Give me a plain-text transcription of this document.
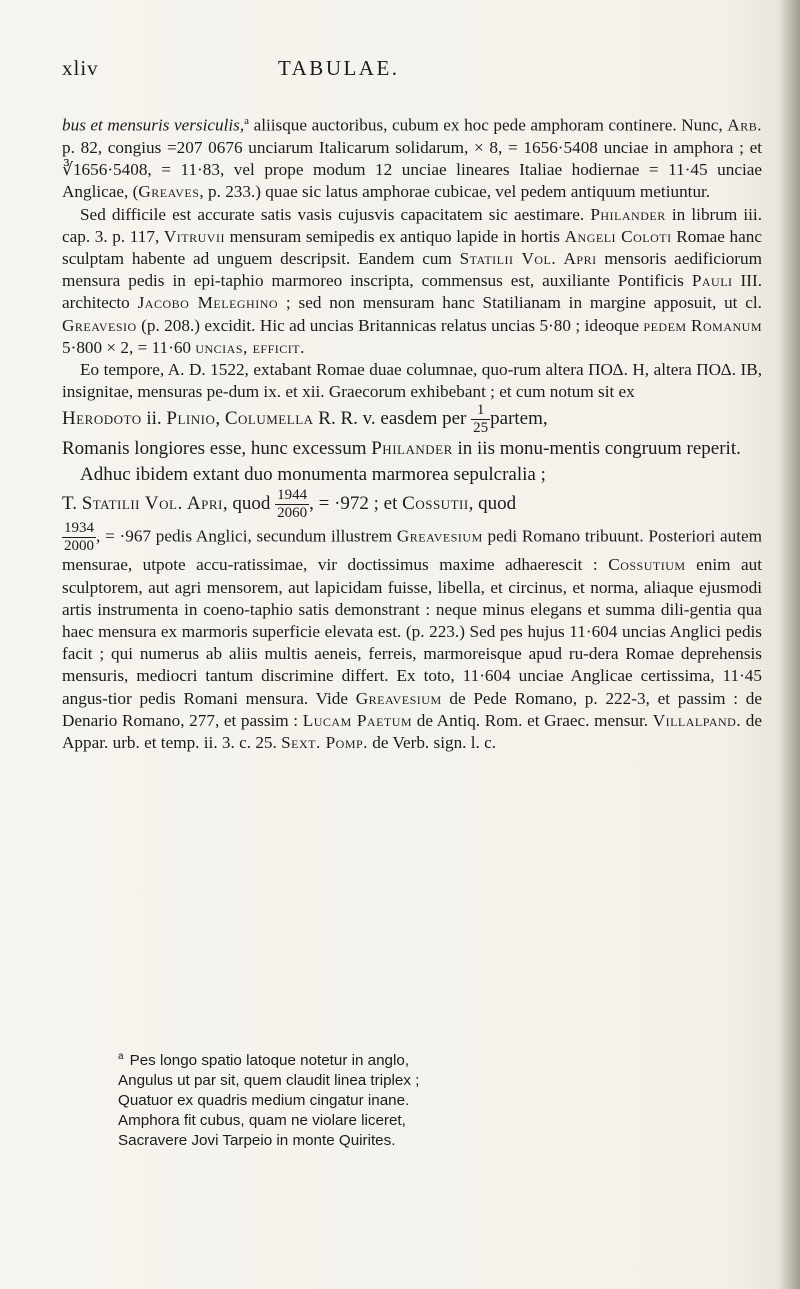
xliv	TABULAE.

bus et mensuris versiculis,$^a$ aliisque auctoribus, cubum ex hoc pede amphoram continere. Nunc, Arb. p. 82, congius =207 0676 unciarum Italicarum solidarum, × 8, = 1656·5408 unciae in amphora ; et ∛1656·5408, = 11·83, vel prope modum 12 unciae lineares Italiae hodiernae = 11·45 unciae Anglicae, (Greaves, p. 233.) quae sic latus amphorae cubicae, vel pedem antiquum metiuntur.

Sed difficile est accurate satis vasis cujusvis capacitatem sic aestimare. Philander in librum iii. cap. 3. p. 117, Vitruvii mensuram semipedis ex antiquo lapide in hortis Angeli Coloti Romae hanc sculptam habente ad unguem descripsit. Eandem cum Statilii Vol. Apri mensoris aedificiorum mensura pedis in epi-taphio marmoreo inscripta, commensus est, auxiliante Pontificis Pauli III. architecto Jacobo Meleghino ; sed non mensuram hanc Statilianam in margine apposuit, ut cl. Greavesio (p. 208.) excidit. Hic ad uncias Britannicas relatus uncias 5·80 ; ideoque pedem Romanum 5·800 × 2, = 11·60 uncias, efficit.

Eo tempore, A. D. 1522, extabant Romae duae columnae, quo-rum altera ΠΟΔ. H, altera ΠΟΔ. IB, insignitae, mensuras pe-dum ix. et xii. Graecorum exhibebant ; et cum notum sit ex

Herodoto ii. Plinio, Columella R. R. v. easdem per $\frac{1}{25}$ partem,

Romanis longiores esse, hunc excessum Philander in iis monu-mentis congruum reperit.

Adhuc ibidem extant duo monumenta marmorea sepulcralia ;

T. Statilii Vol. Apri, quod $\frac{1944}{2060}$ , = ·972 ; et Cossutii, quod

$\frac{1934}{2000}$ , = ·967 pedis Anglici, secundum illustrem Greavesium pedi Romano tribuunt. Posteriori autem mensurae, utpote accu-ratissimae, vir doctissimus maxime adhaerescit : Cossutium enim aut sculptorem, aut agri mensorem, aut lapicidam fuisse, libella, et circinus, et norma, aliaque ejusmodi artis instrumenta in coeno-taphio satis demonstrant : neque minus elegans et summa dili-gentia qua haec mensura ex marmoris superficie elevata est. (p. 223.) Sed pes hujus 11·604 uncias Anglici pedis facit ; qui numerus ab aliis multis aeneis, ferreis, marmoreisque apud ru-dera Romae deprehensis mensuris, mediocri tantum discrimine differt. Ex toto, 11·604 unciae Anglicae certissima, 11·45 angus-tior pedis Romani mensura. Vide Greavesium de Pede Romano, p. 222-3, et passim : de Denario Romano, 277, et passim : Lucam Paetum de Antiq. Rom. et Graec. mensur. Villalpand. de Appar. urb. et temp. ii. 3. c. 25. Sext. Pomp. de Verb. sign. l. c.

$^a$ Pes longo spatio latoque notetur in anglo,

Angulus ut par sit, quem claudit linea triplex ;

Quatuor ex quadris medium cingatur inane.

Amphora fit cubus, quam ne violare liceret,

Sacravere Jovi Tarpeio in monte Quirites.
